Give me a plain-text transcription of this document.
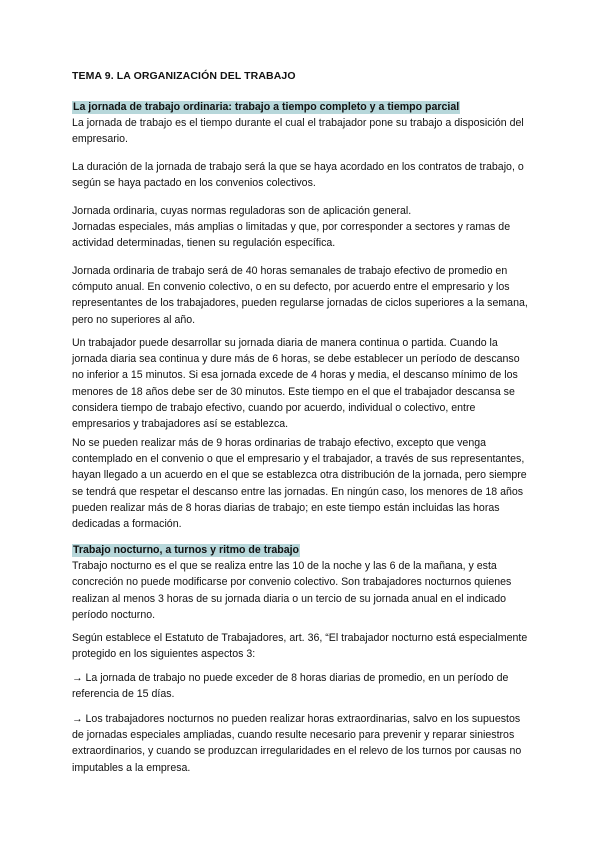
TEMA 9. LA ORGANIZACIÓN DEL TRABAJO
La jornada de trabajo ordinaria: trabajo a tiempo completo y a tiempo parcial

La jornada de trabajo es el tiempo durante el cual el trabajador pone su trabajo a disposición del empresario.

La duración de la jornada de trabajo será la que se haya acordado en los contratos de trabajo, o según se haya pactado en los convenios colectivos.

Jornada ordinaria, cuyas normas reguladoras son de aplicación general.

Jornadas especiales, más amplias o limitadas y que, por corresponder a sectores y ramas de actividad determinadas, tienen su regulación específica.

Jornada ordinaria de trabajo será de 40 horas semanales de trabajo efectivo de promedio en cómputo anual. En convenio colectivo, o en su defecto, por acuerdo entre el empresario y los representantes de los trabajadores, pueden regularse jornadas de ciclos superiores a la semana, pero no superiores al año.

Un trabajador puede desarrollar su jornada diaria de manera continua o partida. Cuando la jornada diaria sea continua y dure más de 6 horas, se debe establecer un período de descanso no inferior a 15 minutos. Si esa jornada excede de 4 horas y media, el descanso mínimo de los menores de 18 años debe ser de 30 minutos. Este tiempo en el que el trabajador descansa se considera tiempo de trabajo efectivo, cuando por acuerdo, individual o colectivo, entre empresarios y trabajadores así se establezca.

No se pueden realizar más de 9 horas ordinarias de trabajo efectivo, excepto que venga contemplado en el convenio o que el empresario y el trabajador, a través de sus representantes, hayan llegado a un acuerdo en el que se establezca otra distribución de la jornada, pero siempre se tendrá que respetar el descanso entre las jornadas. En ningún caso, los menores de 18 años pueden realizar más de 8 horas diarias de trabajo; en este tiempo están incluidas las horas dedicadas a formación.

Trabajo nocturno, a turnos y ritmo de trabajo

Trabajo nocturno es el que se realiza entre las 10 de la noche y las 6 de la mañana, y esta concreción no puede modificarse por convenio colectivo. Son trabajadores nocturnos quienes realizan al menos 3 horas de su jornada diaria o un tercio de su jornada anual en el indicado período nocturno.

Según establece el Estatuto de Trabajadores, art. 36, “El trabajador nocturno está especialmente protegido en los siguientes aspectos 3:

→ La jornada de trabajo no puede exceder de 8 horas diarias de promedio, en un período de referencia de 15 días.

→ Los trabajadores nocturnos no pueden realizar horas extraordinarias, salvo en los supuestos de jornadas especiales ampliadas, cuando resulte necesario para prevenir y reparar siniestros extraordinarios, y cuando se produzcan irregularidades en el relevo de los turnos por causas no imputables a la empresa.
